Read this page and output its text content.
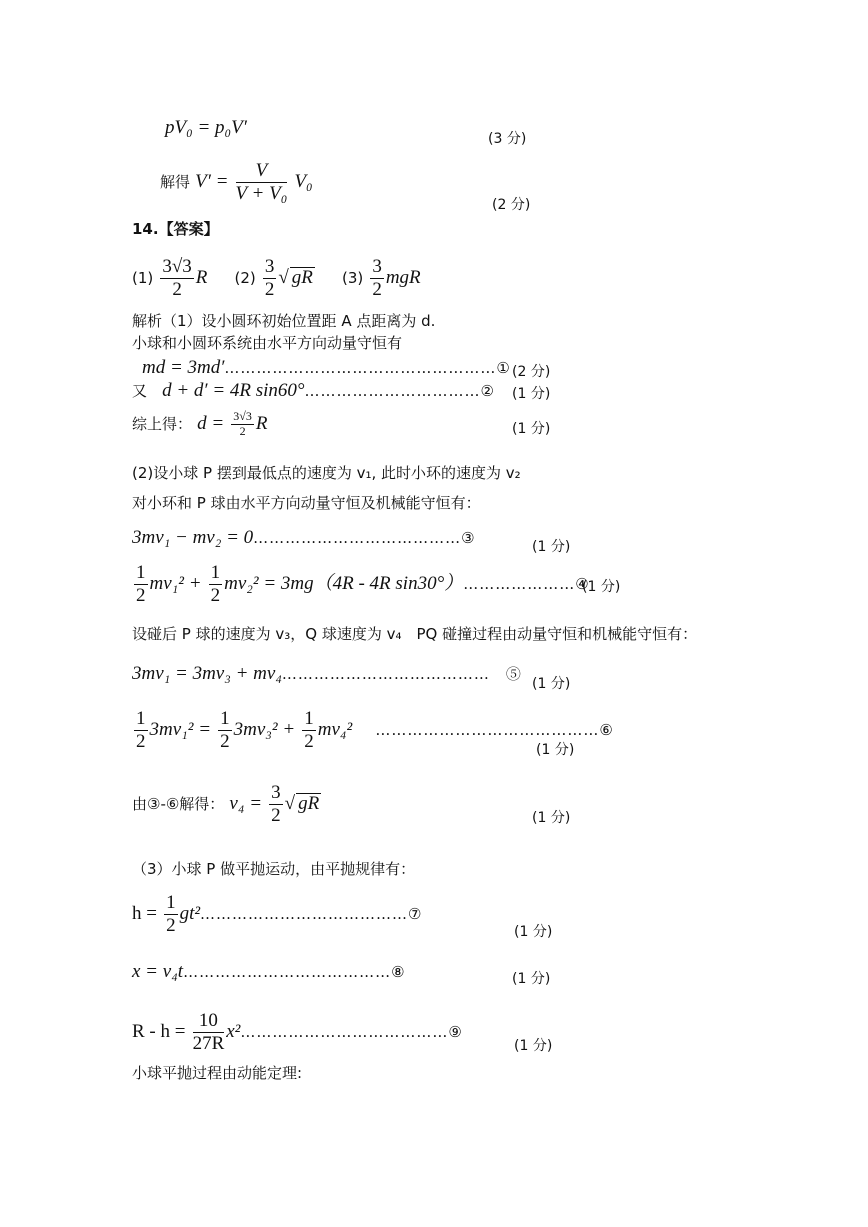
pV₀ = p₀V′
(3 分)
解得 $V' = \frac{V}{\text{V + V₀}} V_0$
(2 分)
14.【答案】
$(1) \frac{3√3}{2}$ R $(2) \frac{3}{2}$ √ gR $(3) \frac{3}{2}$ mgR
解析（1）设小圆环初始位置距 A 点距离为 d.
小球和小圆环系统由水平方向动量守恒有
md = 3md′……………………………………………① (2 分)
又 d + d′ = 4R sin60°……………………………② (1 分)
综上得： $d = \frac{3√3}{2}$ R	(1 分)
(2)设小球 P 摆到最低点的速度为 v₁, 此时小环的速度为 v₂
对小环和 P 球由水平方向动量守恒及机械能守恒有：
3mv₁ − mv₂ = 0…………………………………③	(1 分)
$\frac{1}{2} mv_1^2 + \frac{1}{2} mv_2^2 = 3mg(4R - 4R$ sin30°）…………………④
(1 分)
设碰后 P 球的速度为 v₃，Q 球速度为 v₄　PQ 碰撞过程由动量守恒和机械能守恒有：
3mv₁ = 3mv₃ + mv₄…………………………………　⑤
(1 分)
$\frac{1}{2} 3mv_1^2 = \frac{1}{2} 3mv_3^2 + \frac{1}{2} mv_4^2$ ……………………………………⑥
(1 分)
由③-⑥解得： $v_4 = \frac{3}{2}$ √ gR
(1 分)
（3）小球 P 做平抛运动，由平抛规律有：
$h = \frac{1}{2}$ gt²…………………………………⑦
(1 分)
x = v₄t…………………………………⑧	(1 分)
$R - h = \frac{10}{27R}$ x²…………………………………⑨
(1 分)
小球平抛过程由动能定理:
